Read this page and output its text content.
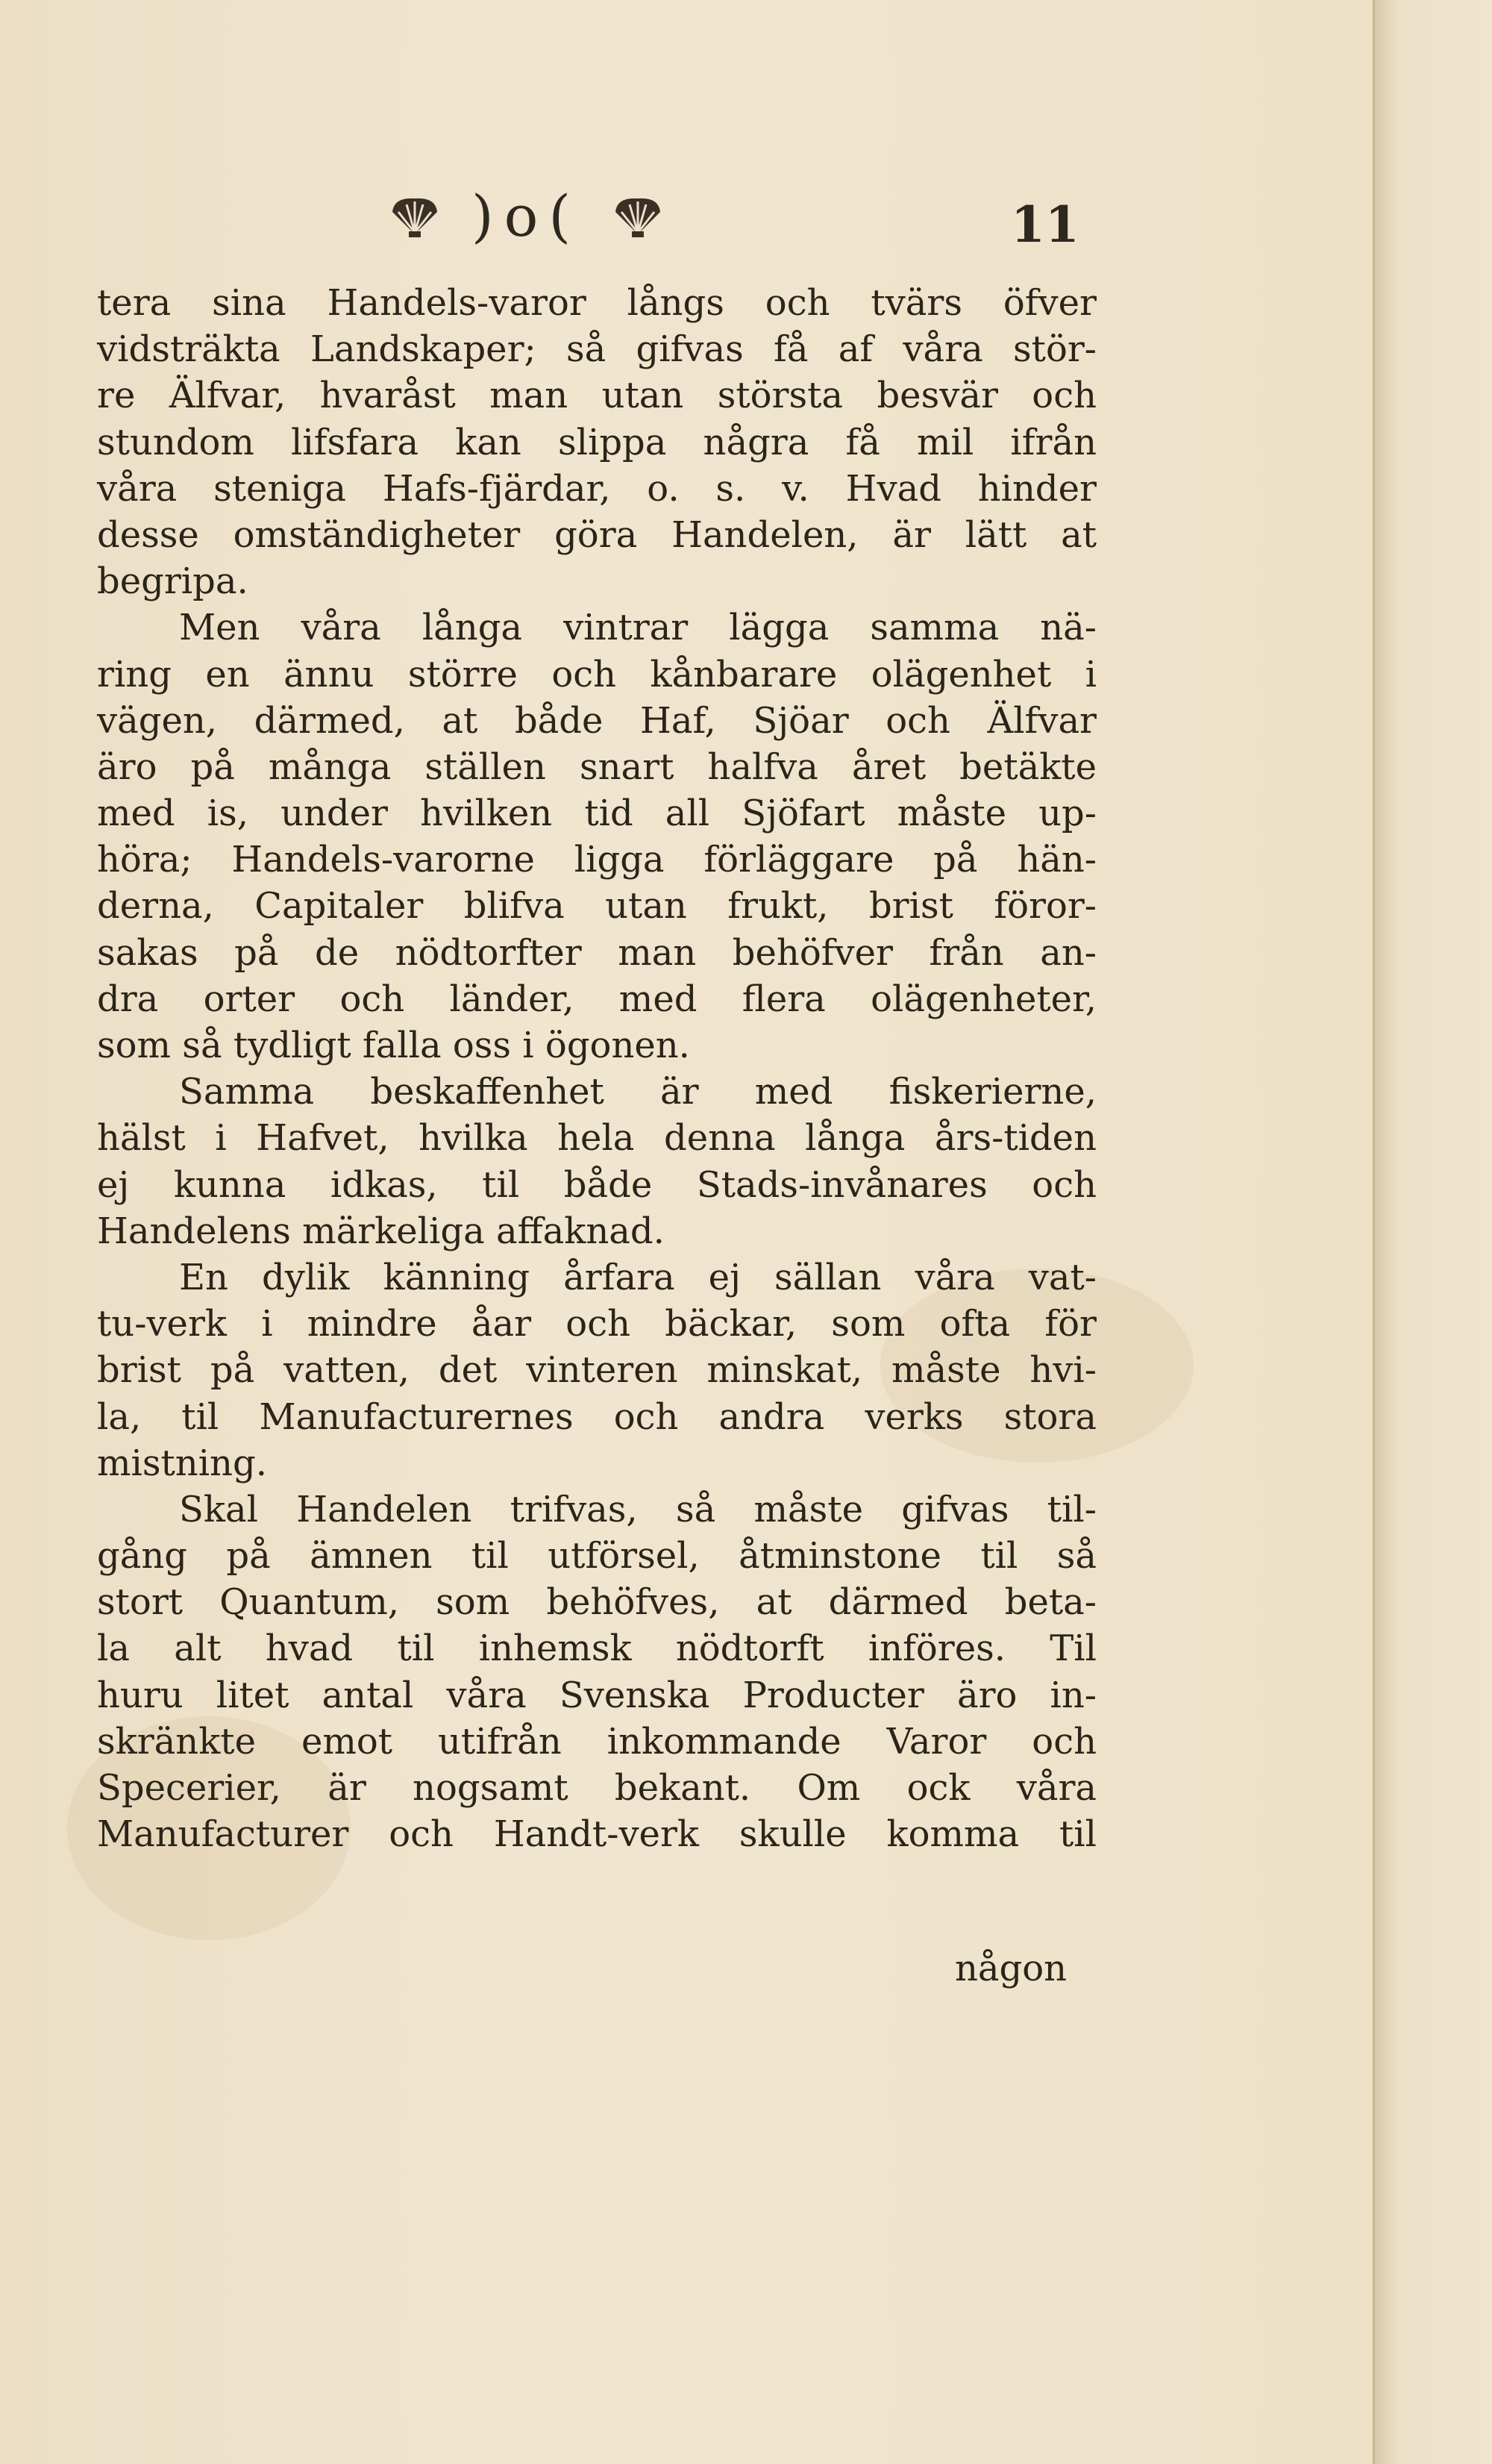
)o(	11
tera sina Handels-varor långs och tvärs öfver
vidsträkta Landskaper; så gifvas få af våra stör-
re Älfvar, hvaråst man utan största besvär och
stundom lifsfara kan slippa några få mil ifrån
våra steniga Hafs-fjärdar, o. s. v. Hvad hinder
desse omständigheter göra Handelen, är lätt at
begripa.
Men våra långa vintrar lägga samma nä-
ring en ännu större och kånbarare olägenhet i
vägen, därmed, at både Haf, Sjöar och Älfvar
äro på många ställen snart halfva året betäkte
med is, under hvilken tid all Sjöfart måste up-
höra; Handels-varorne ligga förläggare på hän-
derna, Capitaler blifva utan frukt, brist föror-
sakas på de nödtorfter man behöfver från an-
dra orter och länder, med flera olägenheter,
som så tydligt falla oss i ögonen.
Samma beskaffenhet är med fiskerierne,
hälst i Hafvet, hvilka hela denna långa års-tiden
ej kunna idkas, til både Stads-invånares och
Handelens märkeliga affaknad.
En dylik känning årfara ej sällan våra vat-
tu-verk i mindre åar och bäckar, som ofta för
brist på vatten, det vinteren minskat, måste hvi-
la, til Manufacturernes och andra verks stora
mistning.
Skal Handelen trifvas, så måste gifvas til-
gång på ämnen til utförsel, åtminstone til så
stort Quantum, som behöfves, at därmed beta-
la alt hvad til inhemsk nödtorft införes. Til
huru litet antal våra Svenska Producter äro in-
skränkte emot utifrån inkommande Varor och
Specerier, är nogsamt bekant. Om ock våra
Manufacturer och Handt-verk skulle komma til
någon
